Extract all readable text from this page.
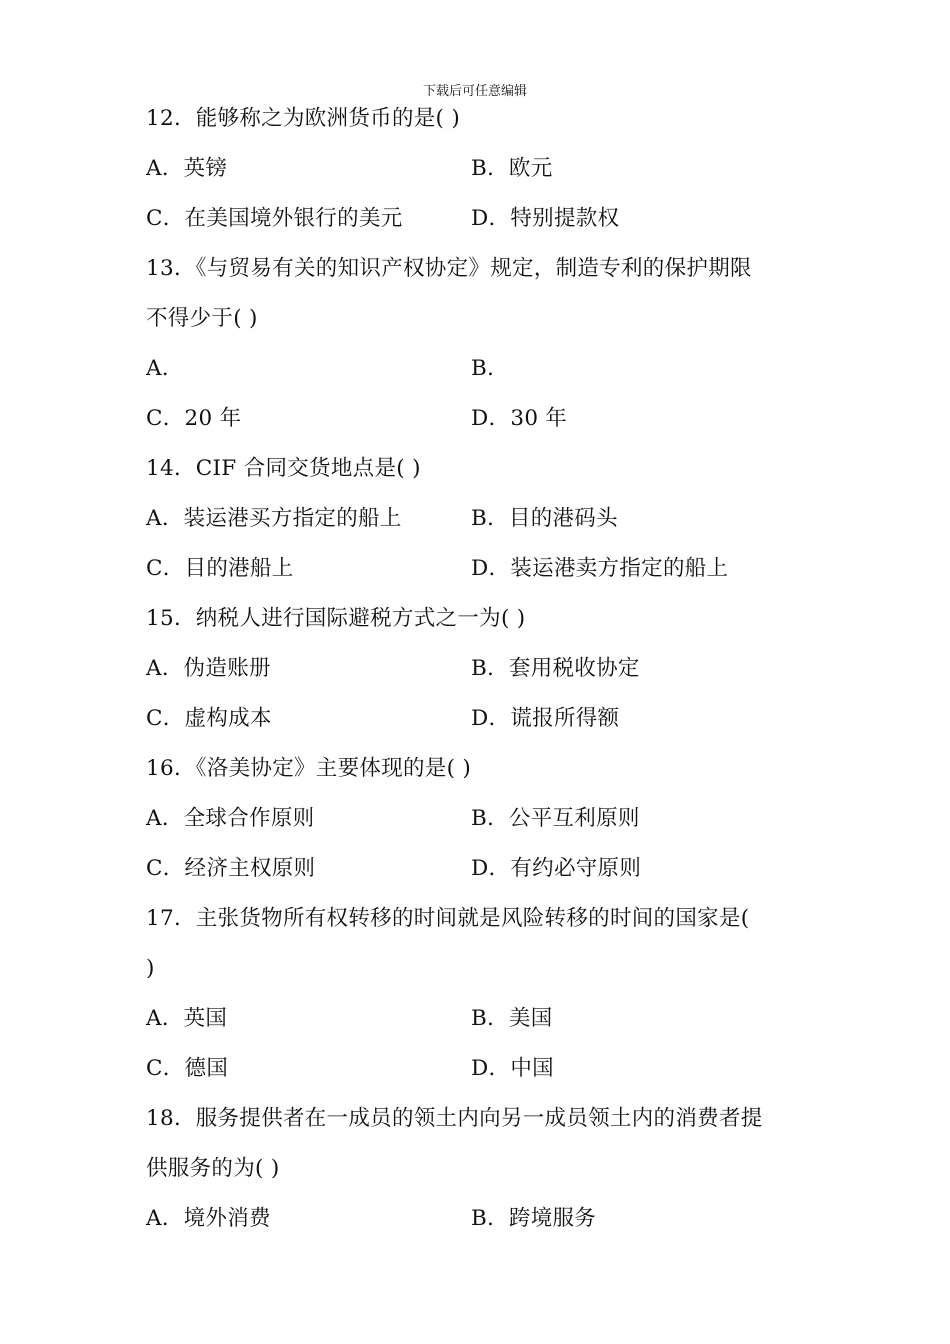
下载后可任意编辑
12．能够称之为欧洲货币的是( )
A．英镑	B．欧元
C．在美国境外银行的美元	D．特别提款权
13．《与贸易有关的知识产权协定》规定，制造专利的保护期限
不得少于( )
A．	B．
C．20 年	D．30 年
14．CIF 合同交货地点是( )
A．装运港买方指定的船上	B．目的港码头
C．目的港船上	D．装运港卖方指定的船上
15．纳税人进行国际避税方式之一为( )
A．伪造账册	B．套用税收协定
C．虚构成本	D．谎报所得额
16．《洛美协定》主要体现的是( )
A．全球合作原则	B．公平互利原则
C．经济主权原则	D．有约必守原则
17．主张货物所有权转移的时间就是风险转移的时间的国家是(
)
A．英国	B．美国
C．德国	D．中国
18．服务提供者在一成员的领土内向另一成员领土内的消费者提
供服务的为( )
A．境外消费	B．跨境服务
